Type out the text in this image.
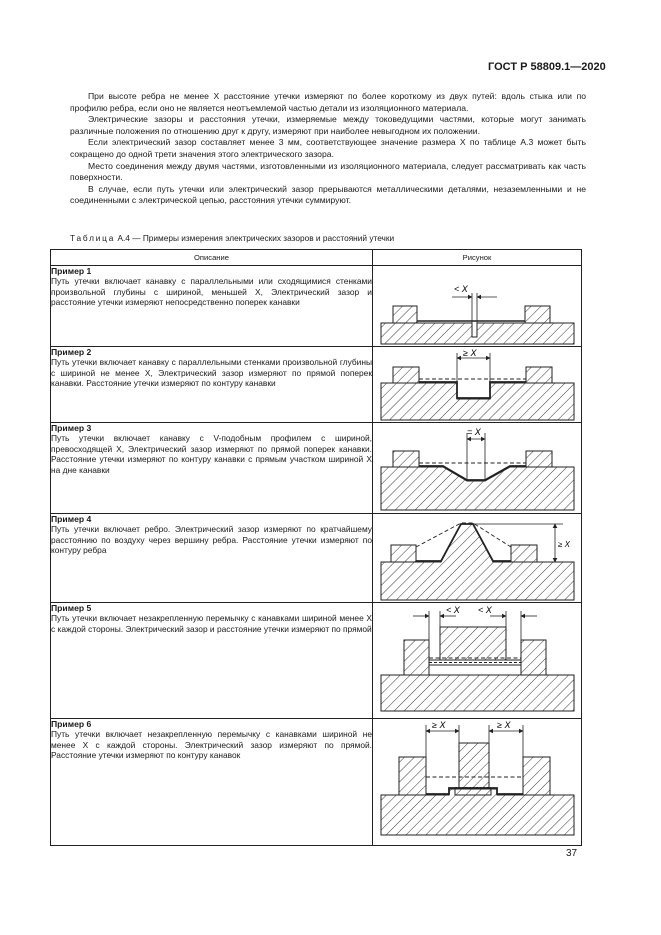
ГОСТ Р 58809.1—2020

При высоте ребра не менее X расстояние утечки измеряют по более короткому из двух путей: вдоль стыка или по профилю ребра, если оно не является неотъемлемой частью детали из изоляционного материала.

Электрические зазоры и расстояния утечки, измеряемые между токоведущими частями, которые могут занимать различные положения по отношению друг к другу, измеряют при наиболее невыгодном их положении.

Если электрический зазор составляет менее 3 мм, соответствующее значение размера X по таблице А.3 может быть сокращено до одной трети значения этого электрического зазора.

Место соединения между двумя частями, изготовленными из изоляционного материала, следует рассматривать как часть поверхности.

В случае, если путь утечки или электрический зазор прерываются металлическими деталями, незаземленными и не соединенными с электрической цепью, расстояния утечки суммируют.

Таблица А.4 — Примеры измерения электрических зазоров и расстояний утечки
Описание	Рисунок

Пример 1
Путь утечки включает канавку с параллельными или сходящимися стенками произвольной глубины с шириной, меньшей X, Электрический зазор и расстояние утечки измеряют непосредственно поперек канавки	< X

Пример 2
Путь утечки включает канавку с параллельными стенками произвольной глубины с шириной не менее X, Электрический зазор измеряют по прямой поперек канавки. Расстояние утечки измеряют по контуру канавки	≥ X

Пример 3
Путь утечки включает канавку с V-подобным профилем с шириной, превосходящей X, Электрический зазор измеряют по прямой поперек канавки. Расстояние утечки измеряют по контуру канавки с прямым участком шириной X на дне канавки	= X

Пример 4
Путь утечки включает ребро. Электрический зазор измеряют по кратчайшему расстоянию по воздуху через вершину ребра. Расстояние утечки измеряют по контуру ребра	≥ X

Пример 5
Путь утечки включает незакрепленную перемычку с канавками шириной менее X с каждой стороны. Электрический зазор и расстояние утечки измеряют по прямой	< X < X

Пример 6
Путь утечки включает незакрепленную перемычку с канавками шириной не менее X с каждой стороны. Электрический зазор измеряют по прямой. Расстояние утечки измеряют по контуру канавок	≥ X ≥ X
37
